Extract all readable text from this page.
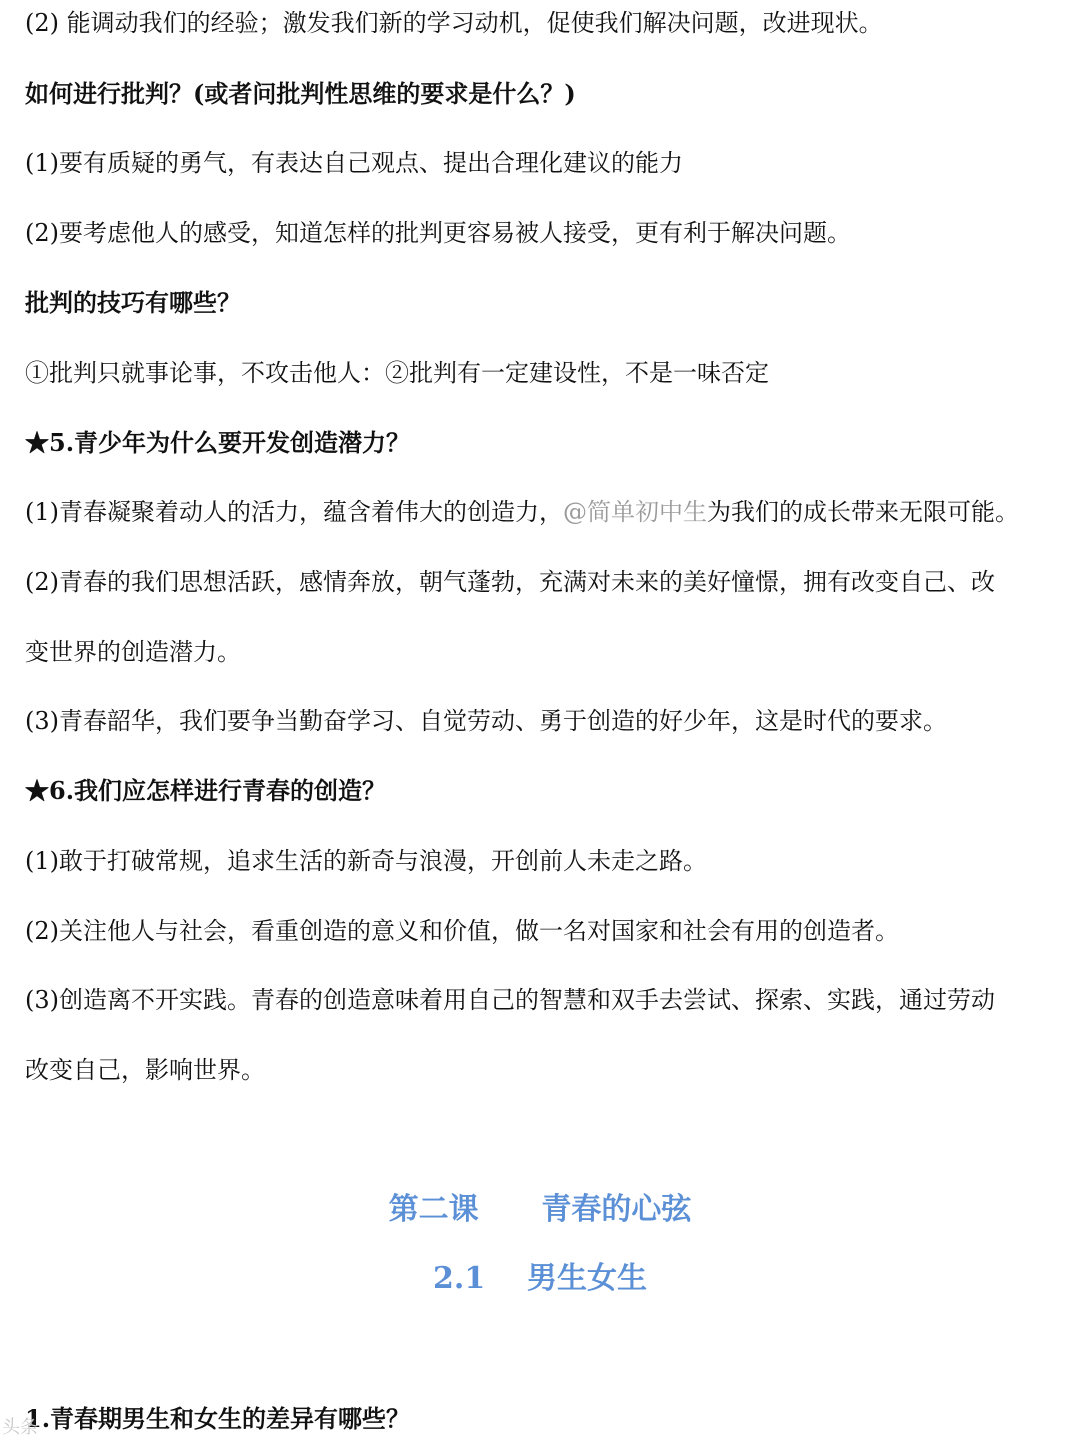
(2) 能调动我们的经验；激发我们新的学习动机，促使我们解决问题，改进现状。
如何进行批判？(或者问批判性思维的要求是什么？)
(1)要有质疑的勇气，有表达自己观点、提出合理化建议的能力
(2)要考虑他人的感受，知道怎样的批判更容易被人接受，更有利于解决问题。
批判的技巧有哪些？
①批判只就事论事，不攻击他人：②批判有一定建设性，不是一味否定
★5.青少年为什么要开发创造潜力？
(1)青春凝聚着动人的活力，蕴含着伟大的创造力，@简单初中生为我们的成长带来无限可能。
(2)青春的我们思想活跃，感情奔放，朝气蓬勃，充满对未来的美好憧憬，拥有改变自己、改
变世界的创造潜力。
(3)青春韶华，我们要争当勤奋学习、自觉劳动、勇于创造的好少年，这是时代的要求。
★6.我们应怎样进行青春的创造？
(1)敢于打破常规，追求生活的新奇与浪漫，开创前人未走之路。
(2)关注他人与社会，看重创造的意义和价值，做一名对国家和社会有用的创造者。
(3)创造离不开实践。青春的创造意味着用自己的智慧和双手去尝试、探索、实践，通过劳动
改变自己，影响世界。
第二课      青春的心弦
2.1    男生女生
1.青春期男生和女生的差异有哪些？
头条
